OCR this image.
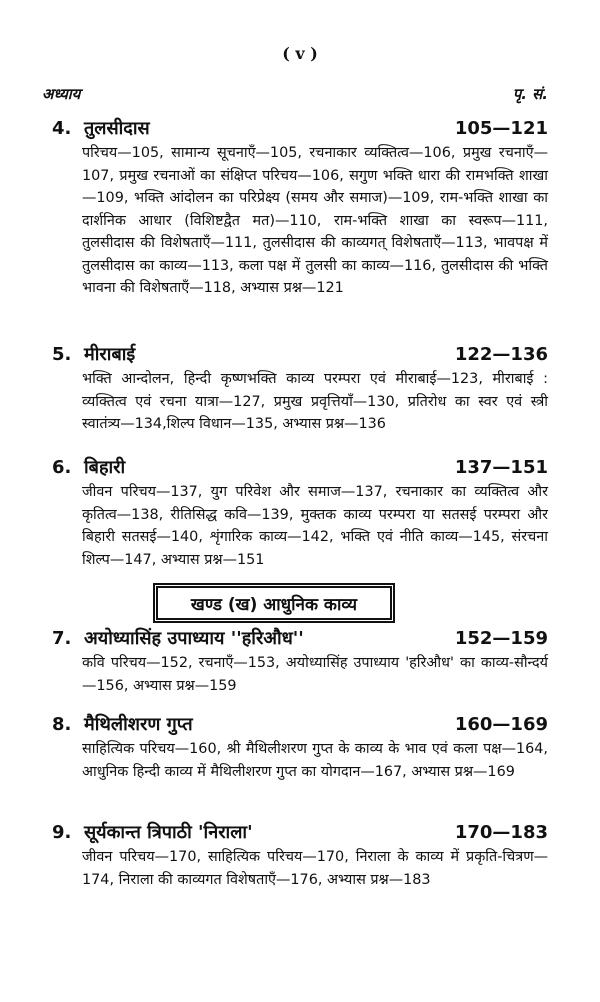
( v )
अध्याय	पृ. सं.
4. तुलसीदास	105—121
परिचय—105, सामान्य सूचनाएँ—105, रचनाकार व्यक्तित्व—106, प्रमुख रचनाएँ—107, प्रमुख रचनाओं का संक्षिप्त परिचय—106, सगुण भक्ति धारा की रामभक्ति शाखा—109, भक्ति आंदोलन का परिप्रेक्ष्य (समय और समाज)—109, राम-भक्ति शाखा का दार्शनिक आधार (विशिष्टद्वैत मत)—110, राम-भक्ति शाखा का स्वरूप—111, तुलसीदास की विशेषताएँ—111, तुलसीदास की काव्यगत् विशेषताएँ—113, भावपक्ष में तुलसीदास का काव्य—113, कला पक्ष में तुलसी का काव्य—116, तुलसीदास की भक्ति भावना की विशेषताएँ—118, अभ्यास प्रश्न—121
5. मीराबाई	122—136
भक्ति आन्दोलन, हिन्दी कृष्णभक्ति काव्य परम्परा एवं मीराबाई—123, मीराबाई : व्यक्तित्व एवं रचना यात्रा—127, प्रमुख प्रवृत्तियाँ—130, प्रतिरोध का स्वर एवं स्त्री स्वातंत्र्य—134,शिल्प विधान—135, अभ्यास प्रश्न—136
6. बिहारी	137—151
जीवन परिचय—137, युग परिवेश और समाज—137, रचनाकार का व्यक्तित्व और कृतित्व—138, रीतिसिद्ध कवि—139, मुक्तक काव्य परम्परा या सतसई परम्परा और बिहारी सतसई—140, शृंगारिक काव्य—142, भक्ति एवं नीति काव्य—145, संरचना शिल्प—147, अभ्यास प्रश्न—151
खण्ड (ख) आधुनिक काव्य
7. अयोध्यासिंह उपाध्याय ''हरिऔध''	152—159
कवि परिचय—152, रचनाएँ—153, अयोध्यासिंह उपाध्याय 'हरिऔध' का काव्य-सौन्दर्य—156, अभ्यास प्रश्न—159
8. मैथिलीशरण गुप्त	160—169
साहित्यिक परिचय—160, श्री मैथिलीशरण गुप्त के काव्य के भाव एवं कला पक्ष—164, आधुनिक हिन्दी काव्य में मैथिलीशरण गुप्त का योगदान—167, अभ्यास प्रश्न—169
9. सूर्यकान्त त्रिपाठी 'निराला'	170—183
जीवन परिचय—170, साहित्यिक परिचय—170, निराला के काव्य में प्रकृति-चित्रण—174, निराला की काव्यगत विशेषताएँ—176, अभ्यास प्रश्न—183
